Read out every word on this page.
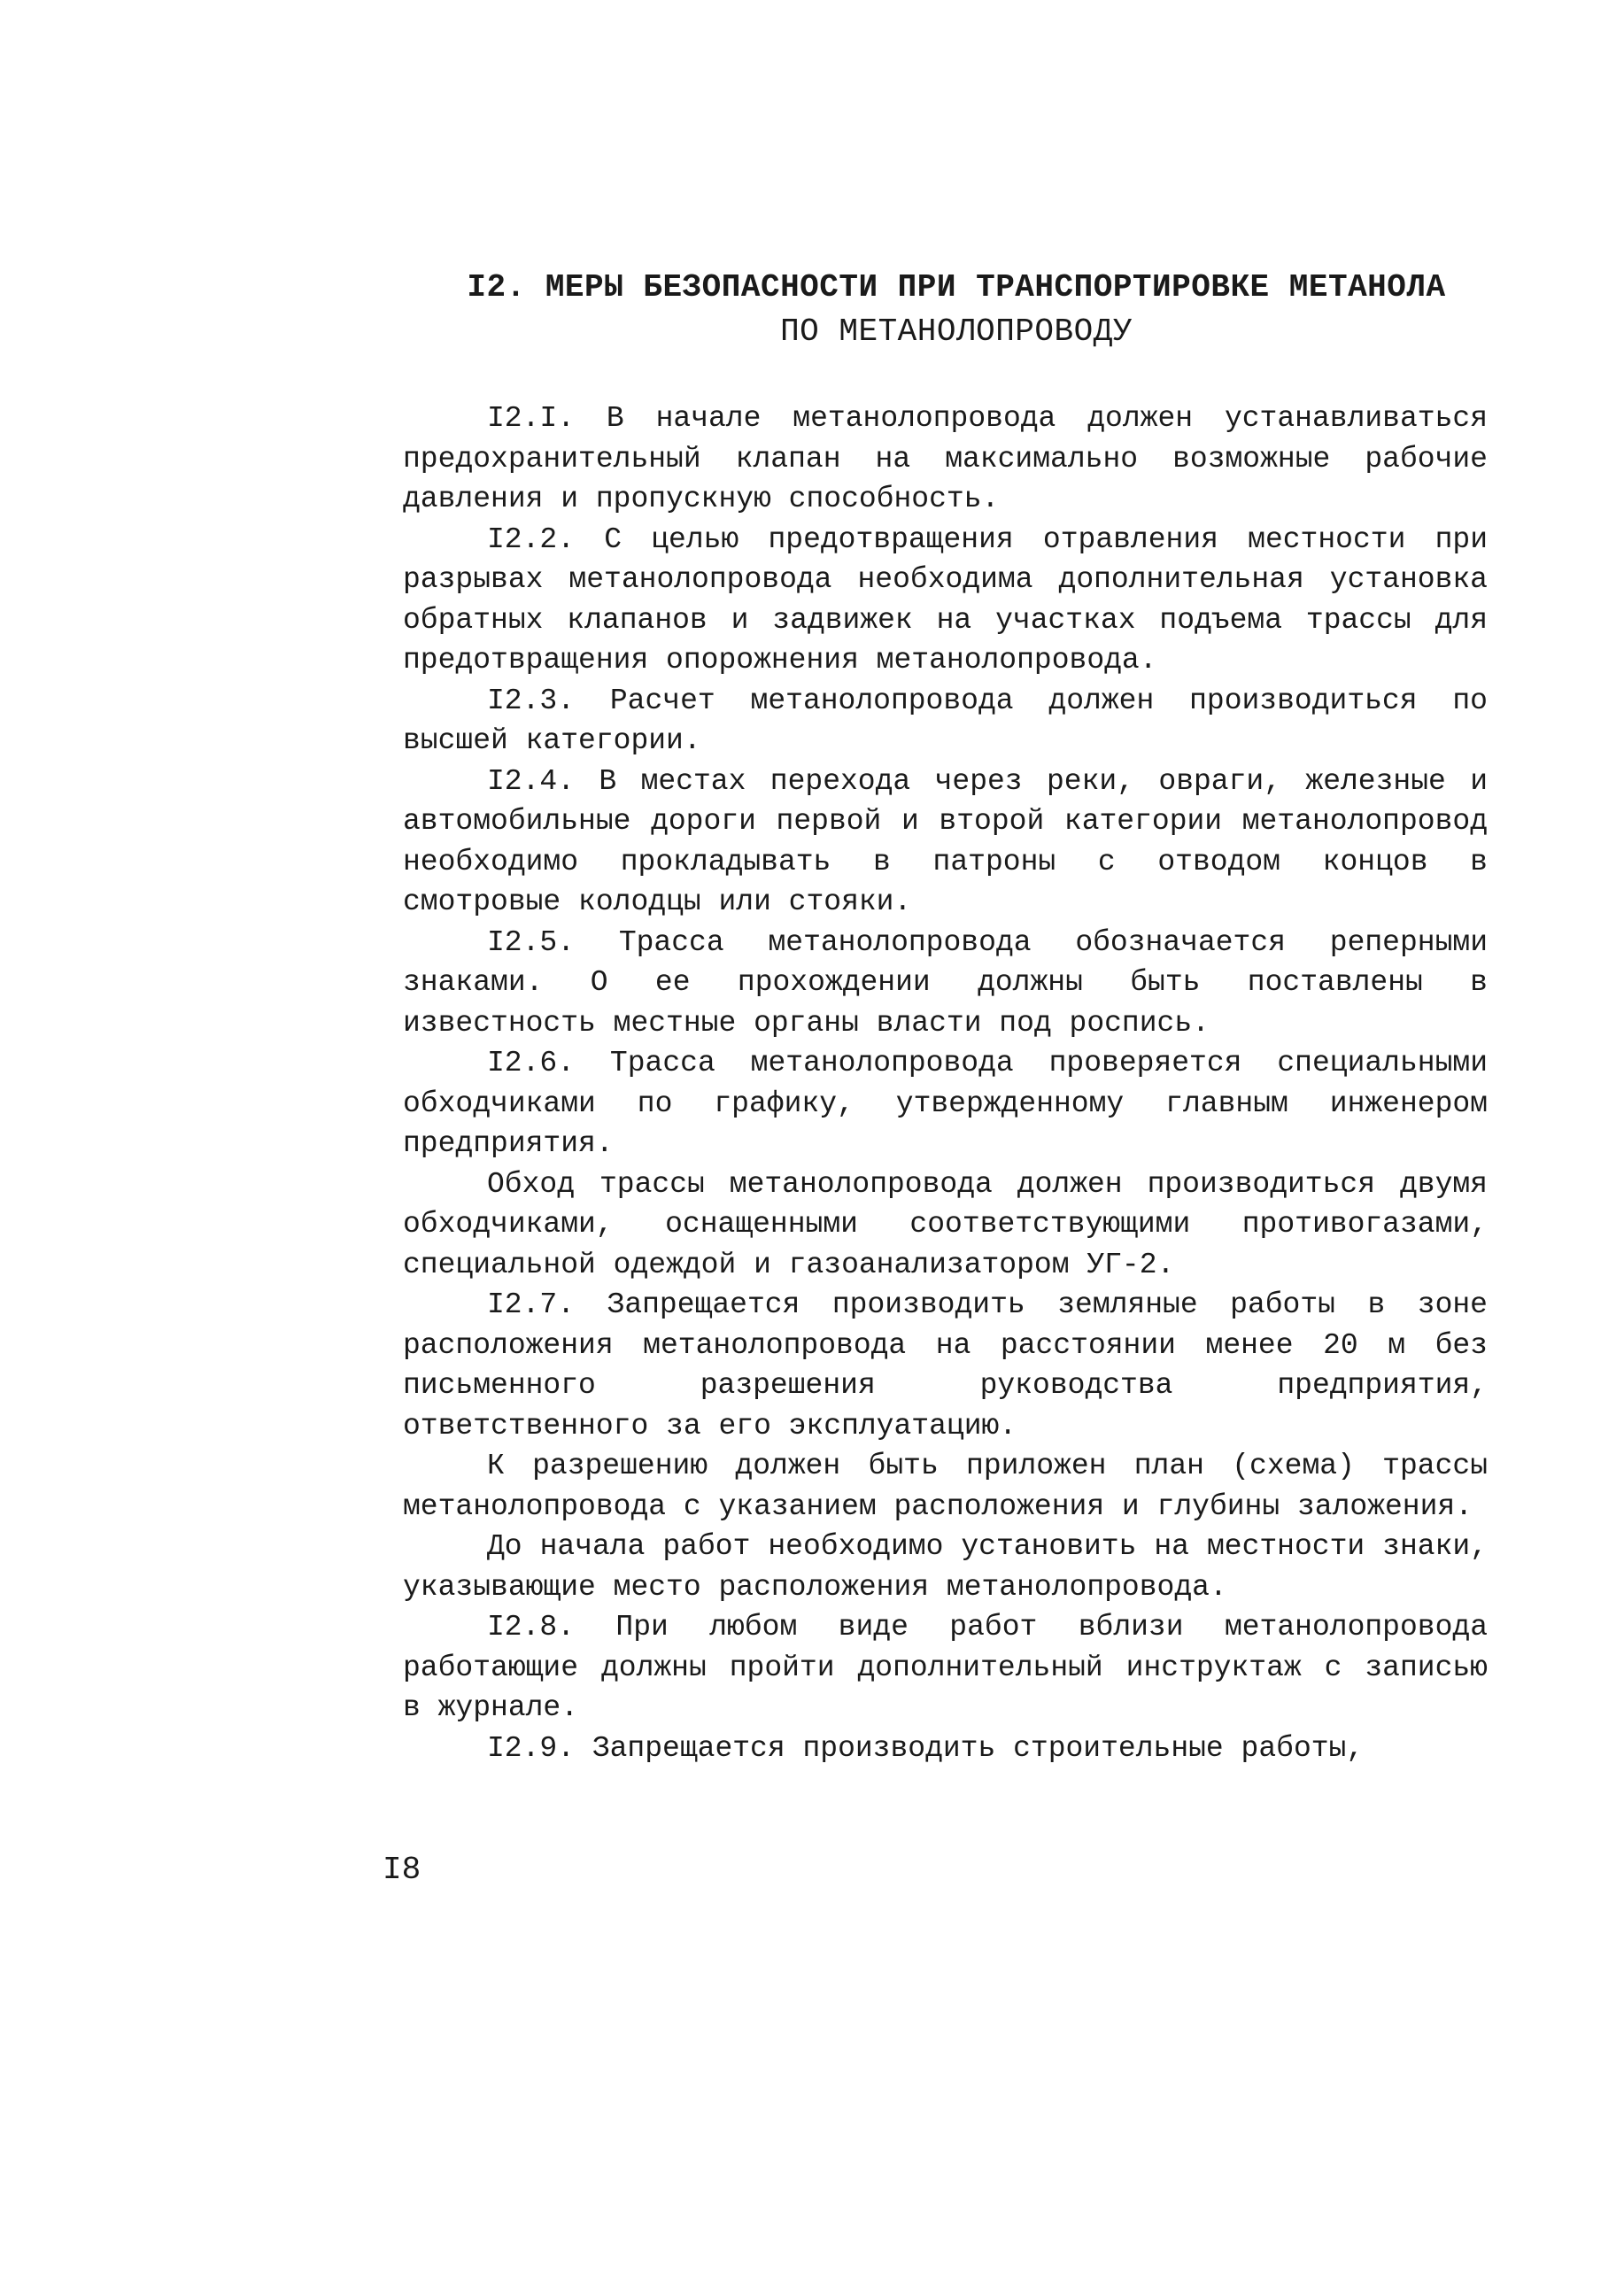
I2. МЕРЫ БЕЗОПАСНОСТИ ПРИ ТРАНСПОРТИРОВКЕ МЕТАНОЛА
ПО МЕТАНОЛОПРОВОДУ

I2.I. В начале метанолопровода должен устанавливаться предохранительный клапан на максимально возможные рабочие давления и пропускную способность.

I2.2. С целью предотвращения отравления местности при разрывах метанолопровода необходима дополнительная установка обратных клапанов и задвижек на участках подъема трассы для предотвращения опорожнения метанолопровода.

I2.3. Расчет метанолопровода должен производиться по высшей категории.

I2.4. В местах перехода через реки, овраги, железные и автомобильные дороги первой и второй категории метанолопровод необходимо прокладывать в патроны с отводом концов в смотровые колодцы или стояки.

I2.5. Трасса метанолопровода обозначается реперными знаками. О ее прохождении должны быть поставлены в известность местные органы власти под роспись.

I2.6. Трасса метанолопровода проверяется специальными обходчиками по графику, утвержденному главным инженером предприятия.

Обход трассы метанолопровода должен производиться двумя обходчиками, оснащенными соответствующими противогазами, специальной одеждой и газоанализатором УГ-2.

I2.7. Запрещается производить земляные работы в зоне расположения метанолопровода на расстоянии менее 20 м без письменного разрешения руководства предприятия, ответственного за его эксплуатацию.

К разрешению должен быть приложен план (схема) трассы метанолопровода с указанием расположения и глубины заложения.

До начала работ необходимо установить на местности знаки, указывающие место расположения метанолопровода.

I2.8. При любом виде работ вблизи метанолопровода работающие должны пройти дополнительный инструктаж с записью в журнале.

I2.9. Запрещается производить строительные работы,

I8
